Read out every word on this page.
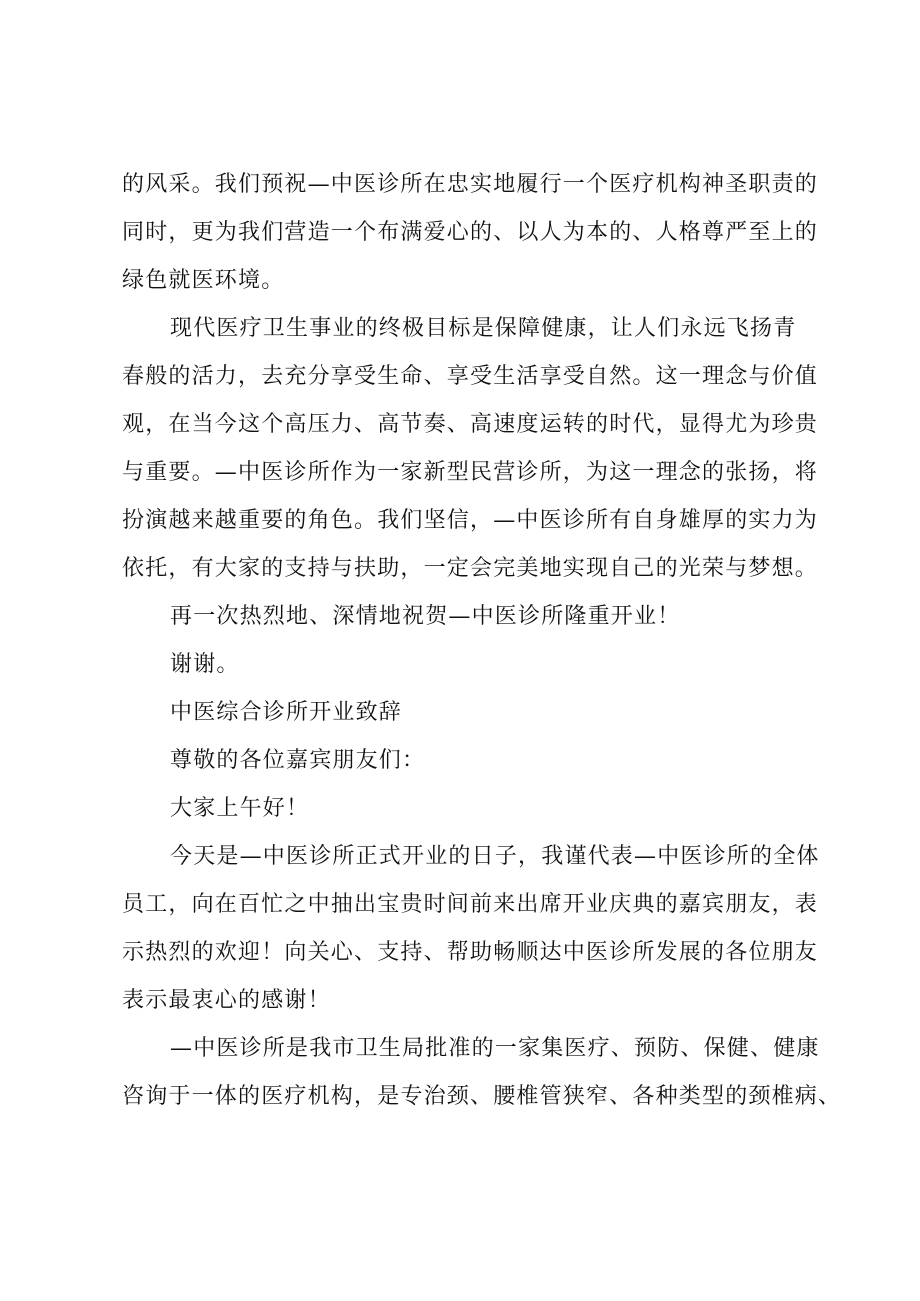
的风采。我们预祝—中医诊所在忠实地履行一个医疗机构神圣职责的
同时，更为我们营造一个布满爱心的、以人为本的、人格尊严至上的
绿色就医环境。
现代医疗卫生事业的终极目标是保障健康，让人们永远飞扬青
春般的活力，去充分享受生命、享受生活享受自然。这一理念与价值
观，在当今这个高压力、高节奏、高速度运转的时代，显得尤为珍贵
与重要。—中医诊所作为一家新型民营诊所，为这一理念的张扬，将
扮演越来越重要的角色。我们坚信，—中医诊所有自身雄厚的实力为
依托，有大家的支持与扶助，一定会完美地实现自己的光荣与梦想。
再一次热烈地、深情地祝贺—中医诊所隆重开业！
谢谢。
中医综合诊所开业致辞
尊敬的各位嘉宾朋友们：
大家上午好！
今天是—中医诊所正式开业的日子，我谨代表—中医诊所的全体
员工，向在百忙之中抽出宝贵时间前来出席开业庆典的嘉宾朋友，表
示热烈的欢迎！向关心、支持、帮助畅顺达中医诊所发展的各位朋友
表示最衷心的感谢！
—中医诊所是我市卫生局批准的一家集医疗、预防、保健、健康
咨询于一体的医疗机构，是专治颈、腰椎管狭窄、各种类型的颈椎病、
